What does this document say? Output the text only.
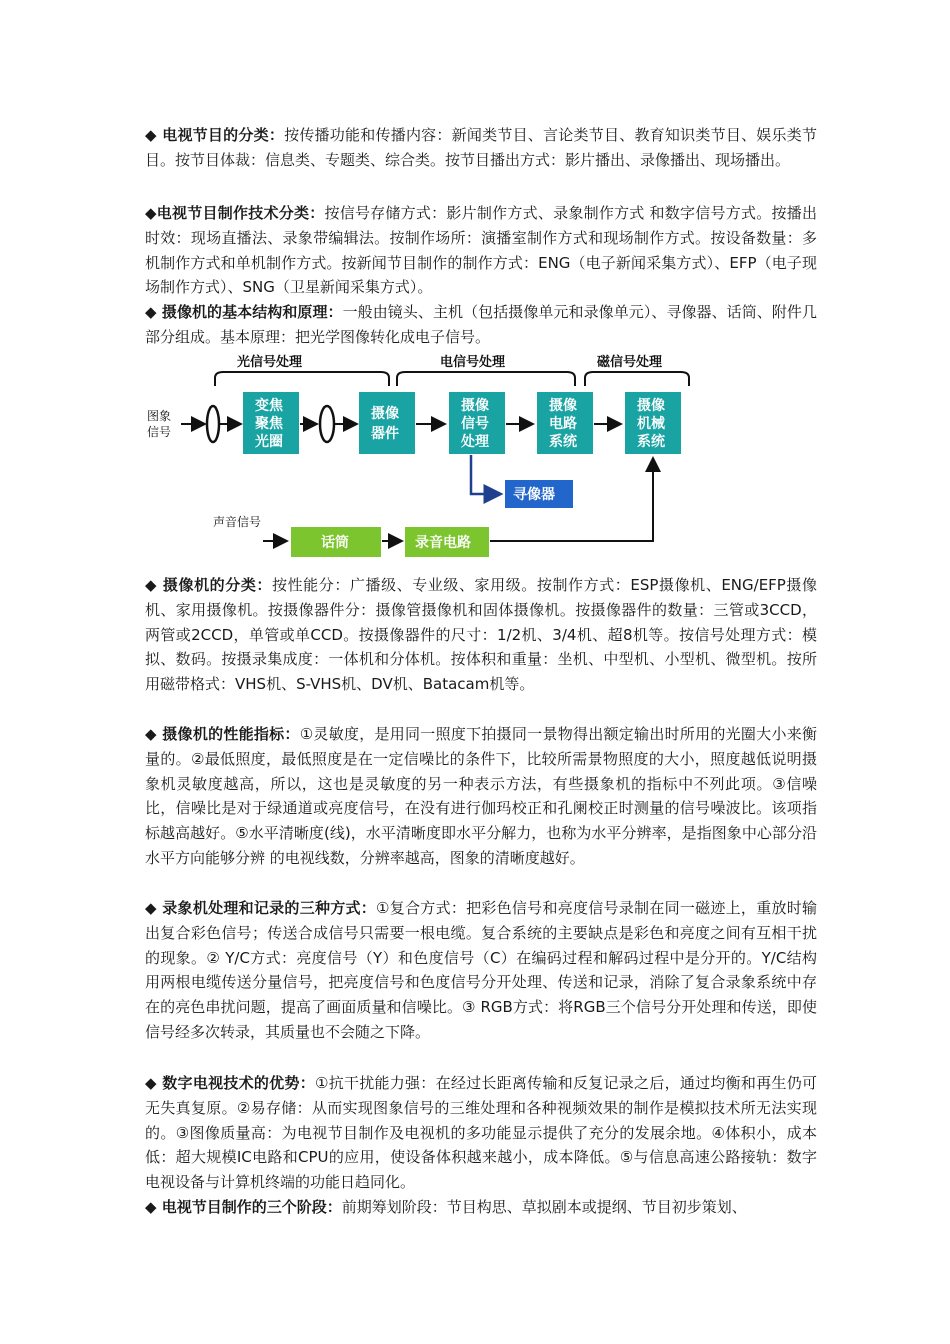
◆ 电视节目的分类：按传播功能和传播内容：新闻类节目、言论类节目、教育知识类节目、娱乐类节目。按节目体裁：信息类、专题类、综合类。按节目播出方式：影片播出、录像播出、现场播出。

◆电视节目制作技术分类：按信号存储方式：影片制作方式、录象制作方式 和数字信号方式。按播出时效：现场直播法、录象带编辑法。按制作场所：演播室制作方式和现场制作方式。按设备数量：多机制作方式和单机制作方式。按新闻节目制作的制作方式：ENG（电子新闻采集方式）、EFP（电子现场制作方式）、SNG（卫星新闻采集方式）。

◆ 摄像机的基本结构和原理：一般由镜头、主机（包括摄像单元和录像单元）、寻像器、话筒、附件几部分组成。基本原理：把光学图像转化成电子信号。

光信号处理	电信号处理	磁信号处理
图象
信号
变焦
聚焦
光圈
摄像
器件
摄像
信号
处理
摄像
电路
系统
摄像
机械
系统
寻像器
声音信号
话筒	录音电路

◆ 摄像机的分类：按性能分：广播级、专业级、家用级。按制作方式：ESP摄像机、ENG/EFP摄像机、家用摄像机。按摄像器件分：摄像管摄像机和固体摄像机。按摄像器件的数量：三管或3CCD，两管或2CCD，单管或单CCD。按摄像器件的尺寸：1/2机、3/4机、超8机等。按信号处理方式：模拟、数码。按摄录集成度：一体机和分体机。按体积和重量：坐机、中型机、小型机、微型机。按所用磁带格式：VHS机、S-VHS机、DV机、Batacam机等。

◆ 摄像机的性能指标：①灵敏度，是用同一照度下拍摄同一景物得出额定输出时所用的光圈大小来衡量的。②最低照度，最低照度是在一定信噪比的条件下，比较所需景物照度的大小，照度越低说明摄象机灵敏度越高，所以，这也是灵敏度的另一种表示方法，有些摄象机的指标中不列此项。③信噪比，信噪比是对于绿通道或亮度信号，在没有进行伽玛校正和孔阑校正时测量的信号噪波比。该项指标越高越好。⑤水平清晰度(线)，水平清晰度即水平分解力，也称为水平分辨率，是指图象中心部分沿水平方向能够分辨 的电视线数，分辨率越高，图象的清晰度越好。

◆ 录象机处理和记录的三种方式：①复合方式：把彩色信号和亮度信号录制在同一磁迹上，重放时输出复合彩色信号；传送合成信号只需要一根电缆。复合系统的主要缺点是彩色和亮度之间有互相干扰的现象。② Y/C方式：亮度信号（Y）和色度信号（C）在编码过程和解码过程中是分开的。Y/C结构用两根电缆传送分量信号，把亮度信号和色度信号分开处理、传送和记录，消除了复合录象系统中存在的亮色串扰问题，提高了画面质量和信噪比。③ RGB方式：将RGB三个信号分开处理和传送，即使信号经多次转录，其质量也不会随之下降。

◆ 数字电视技术的优势：①抗干扰能力强：在经过长距离传输和反复记录之后，通过均衡和再生仍可无失真复原。②易存储：从而实现图象信号的三维处理和各种视频效果的制作是模拟技术所无法实现的。③图像质量高：为电视节目制作及电视机的多功能显示提供了充分的发展余地。④体积小，成本低：超大规模IC电路和CPU的应用，使设备体积越来越小，成本降低。⑤与信息高速公路接轨：数字电视设备与计算机终端的功能日趋同化。

◆ 电视节目制作的三个阶段：前期筹划阶段：节目构思、草拟剧本或提纲、节目初步策划、
